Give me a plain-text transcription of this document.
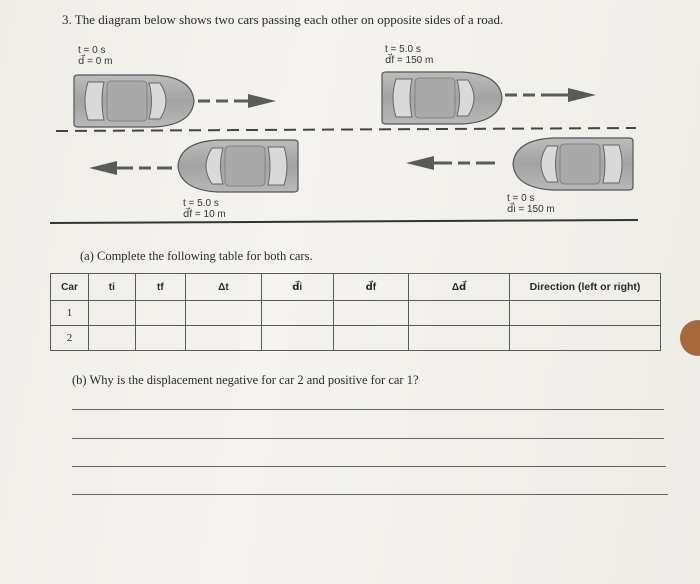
3. The diagram below shows two cars passing each other on opposite sides of a road.
t = 0 s
d⃗ = 0 m
t = 5.0 s
d⃗f = 150 m
t = 5.0 s
d⃗f = 10 m
t = 0 s
d⃗i = 150 m
(a) Complete the following table for both cars.
Car	ti	tf	Δt	d⃗i	d⃗f	Δd⃗	Direction (left or right)
1							
2							
(b) Why is the displacement negative for car 2 and positive for car 1?
